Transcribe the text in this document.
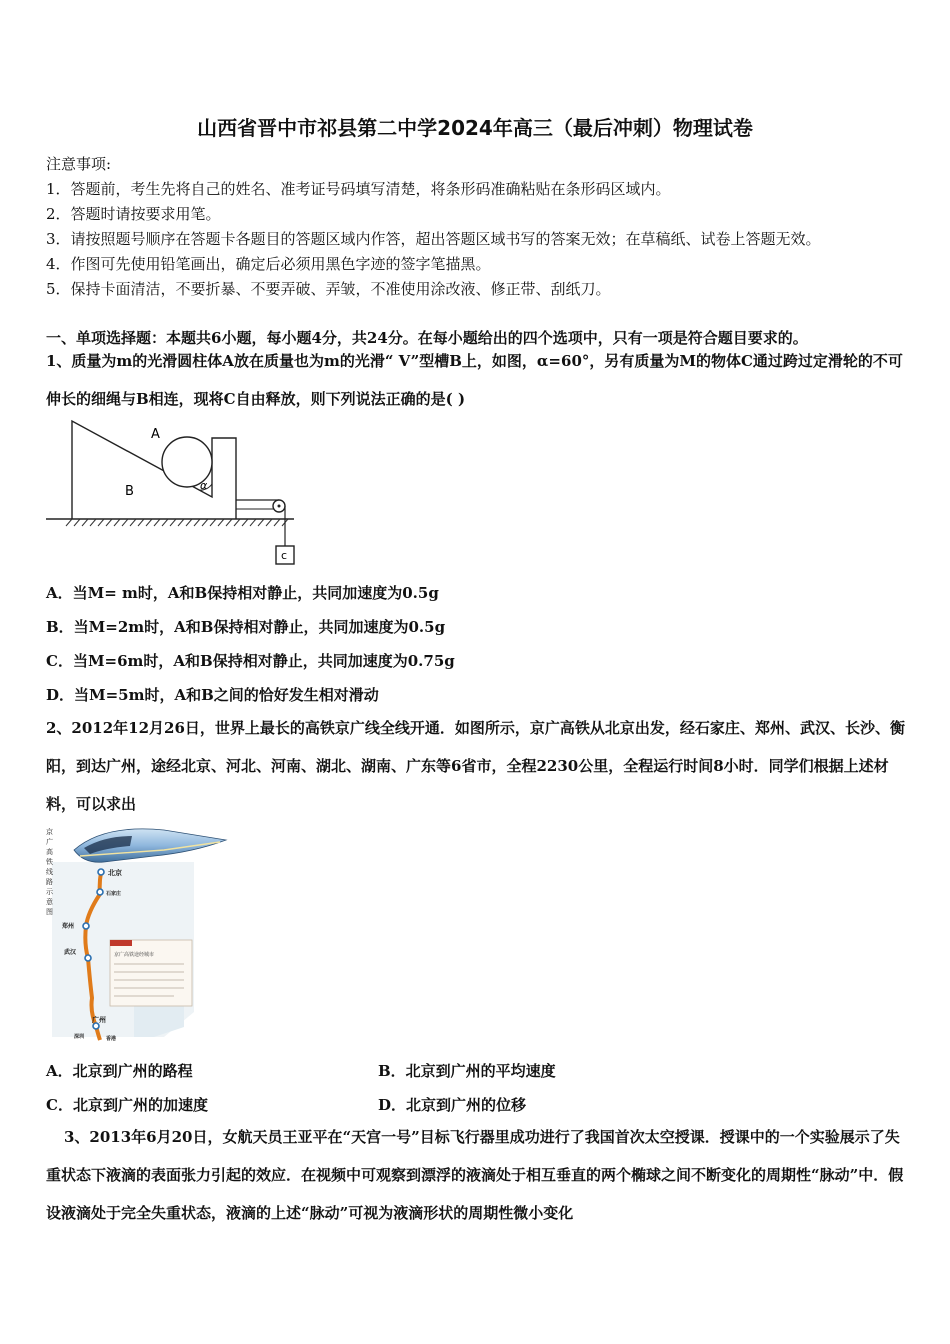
山西省晋中市祁县第二中学2024年高三（最后冲刺）物理试卷
注意事项:
1．答题前，考生先将自己的姓名、准考证号码填写清楚，将条形码准确粘贴在条形码区域内。
2．答题时请按要求用笔。
3．请按照题号顺序在答题卡各题目的答题区域内作答，超出答题区域书写的答案无效；在草稿纸、试卷上答题无效。
4．作图可先使用铅笔画出，确定后必须用黑色字迹的签字笔描黑。
5．保持卡面清洁，不要折暴、不要弄破、弄皱，不准使用涂改液、修正带、刮纸刀。
一、单项选择题：本题共6小题，每小题4分，共24分。在每小题给出的四个选项中，只有一项是符合题目要求的。
1、质量为m的光滑圆柱体A放在质量也为m的光滑“ V”型槽B上，如图，α=60°，另有质量为M的物体C通过跨过定滑轮的不可伸长的细绳与B相连，现将C自由释放，则下列说法正确的是( )
A
B	α
c
A．当M= m时，A和B保持相对静止，共同加速度为0.5g
B．当M=2m时，A和B保持相对静止，共同加速度为0.5g
C．当M=6m时，A和B保持相对静止，共同加速度为0.75g
D．当M=5m时，A和B之间的恰好发生相对滑动
2、2012年12月26日，世界上最长的高铁京广线全线开通．如图所示，京广高铁从北京出发，经石家庄、郑州、武汉、长沙、衡阳，到达广州，途经北京、河北、河南、湖北、湖南、广东等6省市，全程2230公里，全程运行时间8小时．同学们根据上述材料，可以求出
京
广
高
铁
线
路
示
意
图
北京
石家庄
郑州
武汉
广州
深圳	香港
京广高铁途经城市
A．北京到广州的路程	B．北京到广州的平均速度
C．北京到广州的加速度	D．北京到广州的位移
3、2013年6月20日，女航天员王亚平在“天宫一号”目标飞行器里成功进行了我国首次太空授课．授课中的一个实验展示了失重状态下液滴的表面张力引起的效应．在视频中可观察到漂浮的液滴处于相互垂直的两个椭球之间不断变化的周期性“脉动”中．假设液滴处于完全失重状态，液滴的上述“脉动”可视为液滴形状的周期性微小变化
